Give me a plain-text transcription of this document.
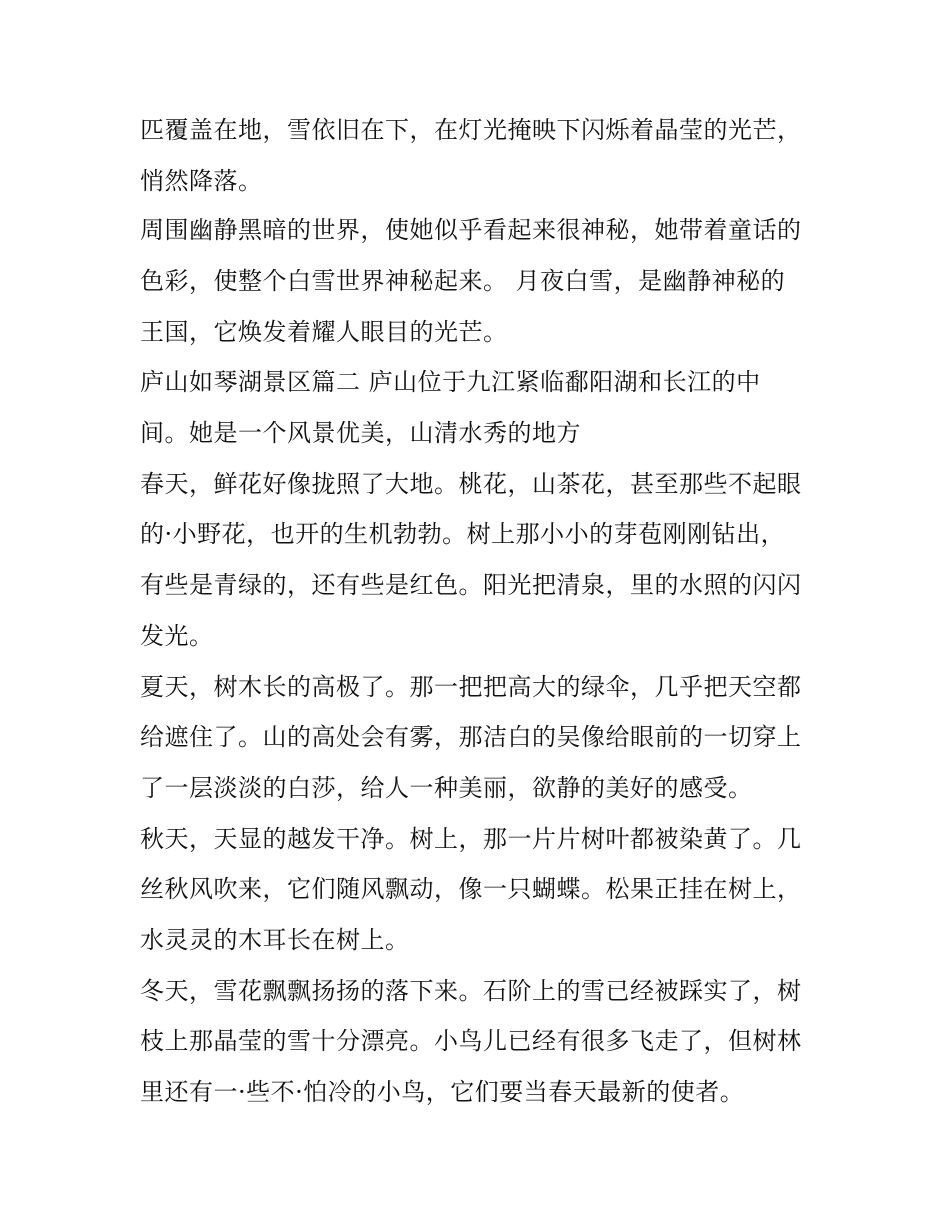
匹覆盖在地，雪依旧在下，在灯光掩映下闪烁着晶莹的光芒，

悄然降落。

周围幽静黑暗的世界，使她似乎看起来很神秘，她带着童话的

色彩，使整个白雪世界神秘起来。 月夜白雪，是幽静神秘的

王国，它焕发着耀人眼目的光芒。

庐山如琴湖景区篇二 庐山位于九江紧临鄱阳湖和长江的中

间。她是一个风景优美，山清水秀的地方

春天，鲜花好像拢照了大地。桃花，山茶花，甚至那些不起眼

的·小野花，也开的生机勃勃。树上那小小的芽苞刚刚钻出，

有些是青绿的，还有些是红色。阳光把清泉，里的水照的闪闪

发光。

夏天，树木长的高极了。那一把把高大的绿伞，几乎把天空都

给遮住了。山的高处会有雾，那洁白的吴像给眼前的一切穿上

了一层淡淡的白莎，给人一种美丽，欲静的美好的感受。

秋天，天显的越发干净。树上，那一片片树叶都被染黄了。几

丝秋风吹来，它们随风飘动，像一只蝴蝶。松果正挂在树上，

水灵灵的木耳长在树上。

冬天，雪花飘飘扬扬的落下来。石阶上的雪已经被踩实了，树

枝上那晶莹的雪十分漂亮。小鸟儿已经有很多飞走了，但树林

里还有一·些不·怕冷的小鸟，它们要当春天最新的使者。
